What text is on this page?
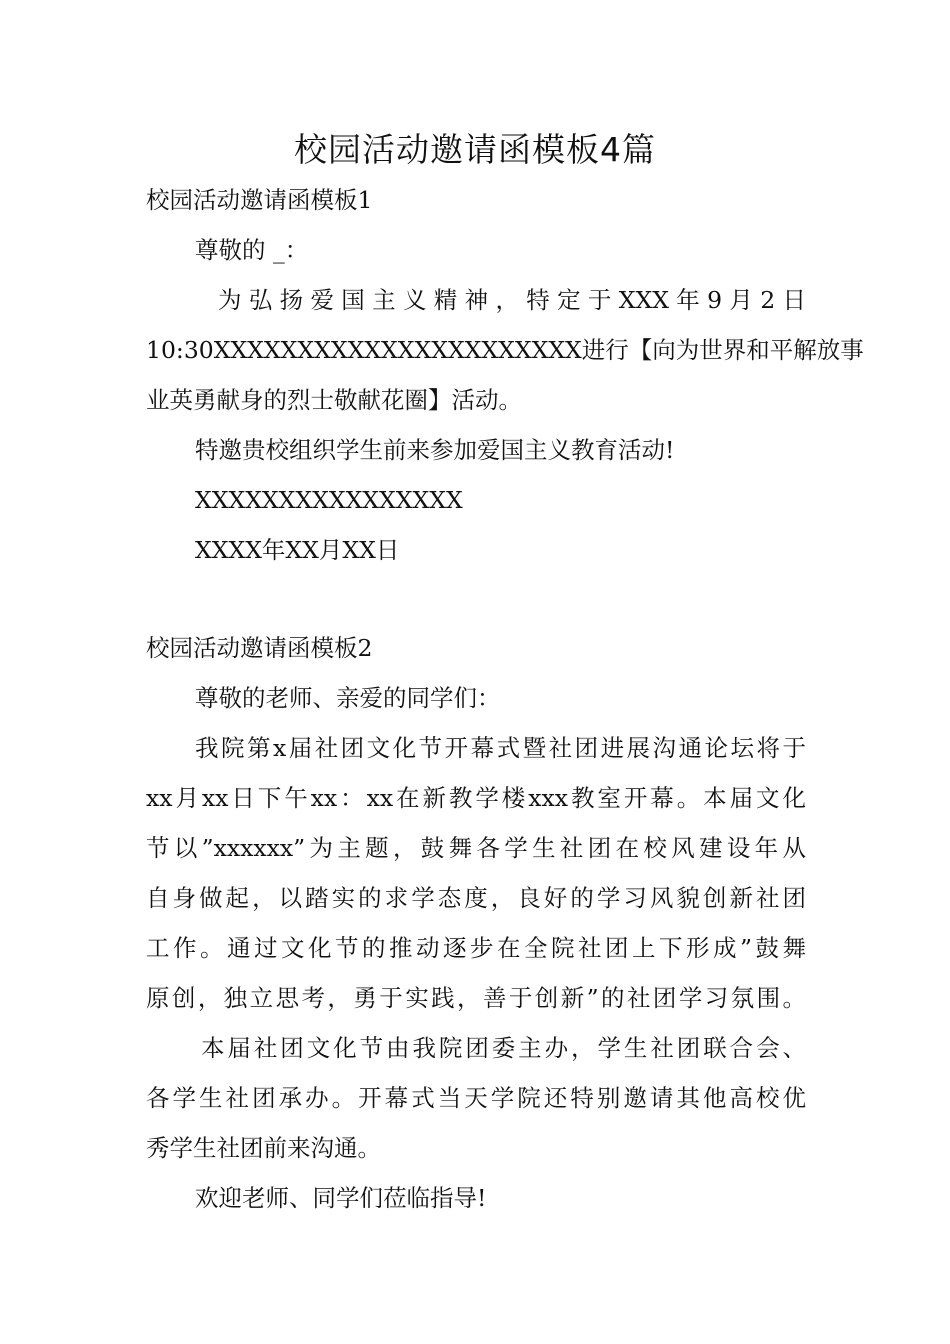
校园活动邀请函模板4篇
校园活动邀请函模板1
尊敬的 _：
为弘扬爱国主义精神，特定于XXX年9月2日
10:30XXXXXXXXXXXXXXXXXXXXXX进行【向为世界和平解放事
业英勇献身的烈士敬献花圈】活动。
特邀贵校组织学生前来参加爱国主义教育活动!
XXXXXXXXXXXXXXXX
XXXX年XX月XX日
校园活动邀请函模板2
尊敬的老师、亲爱的同学们：
我院第x届社团文化节开幕式暨社团进展沟通论坛将于
xx月xx日下午xx：xx在新教学楼xxx教室开幕。本届文化
节以”xxxxxx”为主题，鼓舞各学生社团在校风建设年从
自身做起，以踏实的求学态度，良好的学习风貌创新社团
工作。通过文化节的推动逐步在全院社团上下形成”鼓舞
原创，独立思考，勇于实践，善于创新”的社团学习氛围。
本届社团文化节由我院团委主办，学生社团联合会、
各学生社团承办。开幕式当天学院还特别邀请其他高校优
秀学生社团前来沟通。
欢迎老师、同学们莅临指导!
